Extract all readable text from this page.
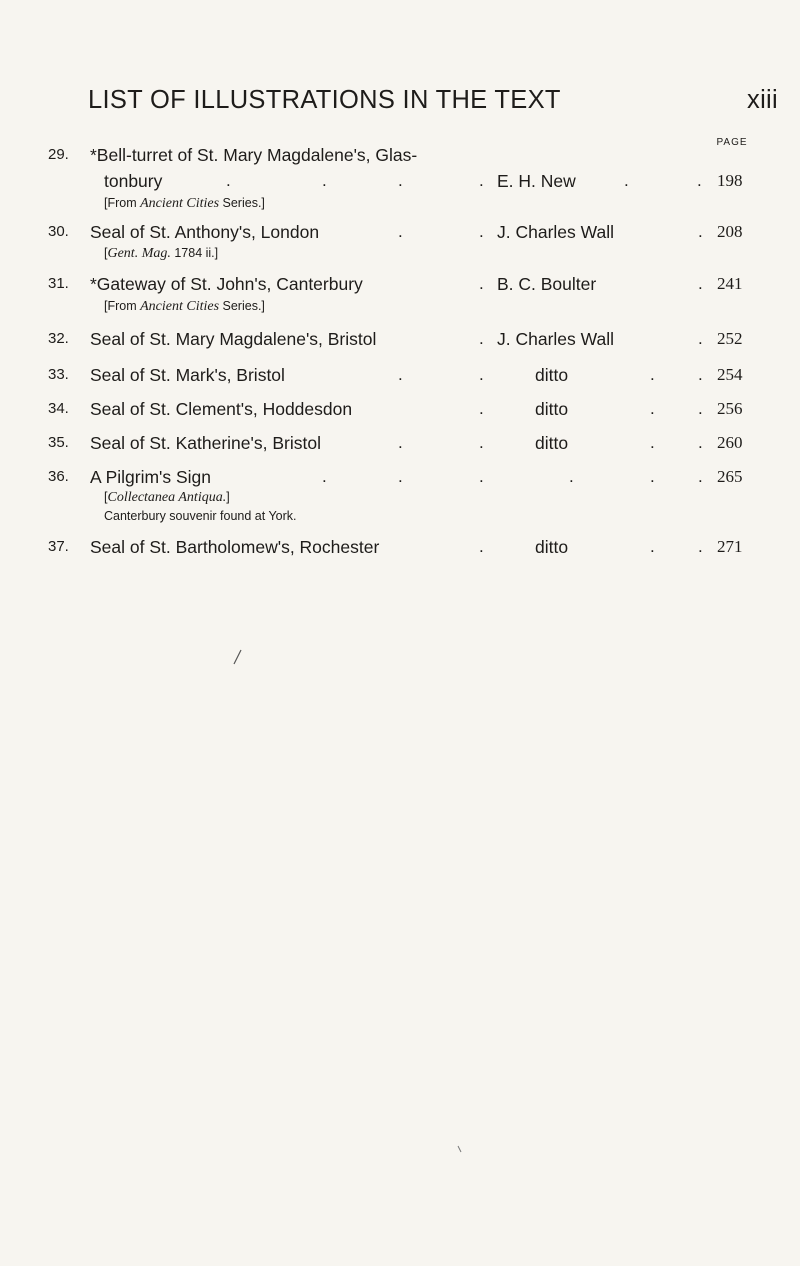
LIST OF ILLUSTRATIONS IN THE TEXT	xiii
PAGE
29. *Bell-turret of St. Mary Magdalene's, Glas-
tonbury	.	.	.	. E. H. New	.	. 198
[From Ancient Cities Series.]
30. Seal of St. Anthony's, London	.	. J. Charles Wall	. 208
[Gent. Mag. 1784 ii.]
31. *Gateway of St. John's, Canterbury	. B. C. Boulter	. 241
[From Ancient Cities Series.]
32. Seal of St. Mary Magdalene's, Bristol	. J. Charles Wall	. 252
33. Seal of St. Mark's, Bristol	.	.	ditto	.	. 254
34. Seal of St. Clement's, Hoddesdon	.	ditto	.	. 256
35. Seal of St. Katherine's, Bristol	.	.	ditto	.	. 260
36. A Pilgrim's Sign	.	.	.	.	.	. 265
[Collectanea Antiqua.]
Canterbury souvenir found at York.
37. Seal of St. Bartholomew's, Rochester	.	ditto	.	. 271
